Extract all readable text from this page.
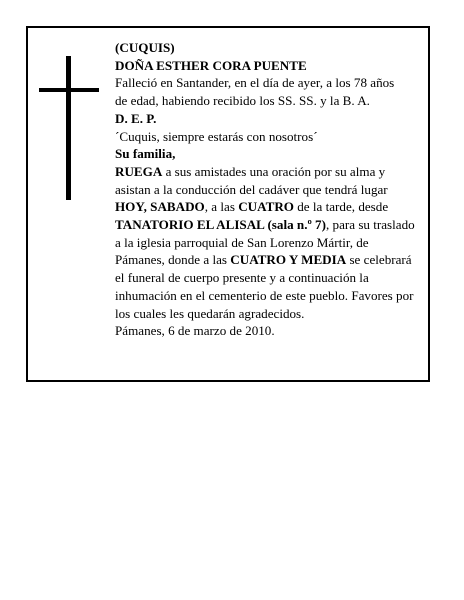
(CUQUIS)

DOÑA ESTHER CORA PUENTE

Falleció en Santander, en el día de ayer, a los 78 años

de edad, habiendo recibido los SS. SS. y la B. A.

D. E. P.

´Cuquis, siempre estarás con nosotros´

Su familia,

RUEGA a sus amistades una oración por su alma y asistan a la conducción del cadáver que tendrá lugar HOY, SABADO, a las CUATRO de la tarde, desde TANATORIO EL ALISAL (sala n.º 7), para su traslado a la iglesia parroquial de San Lorenzo Mártir, de Pámanes, donde a las CUATRO Y MEDIA se celebrará el funeral de cuerpo presente y a continuación la inhumación en el cementerio de este pueblo. Favores por los cuales les quedarán agradecidos.

Pámanes, 6 de marzo de 2010.
